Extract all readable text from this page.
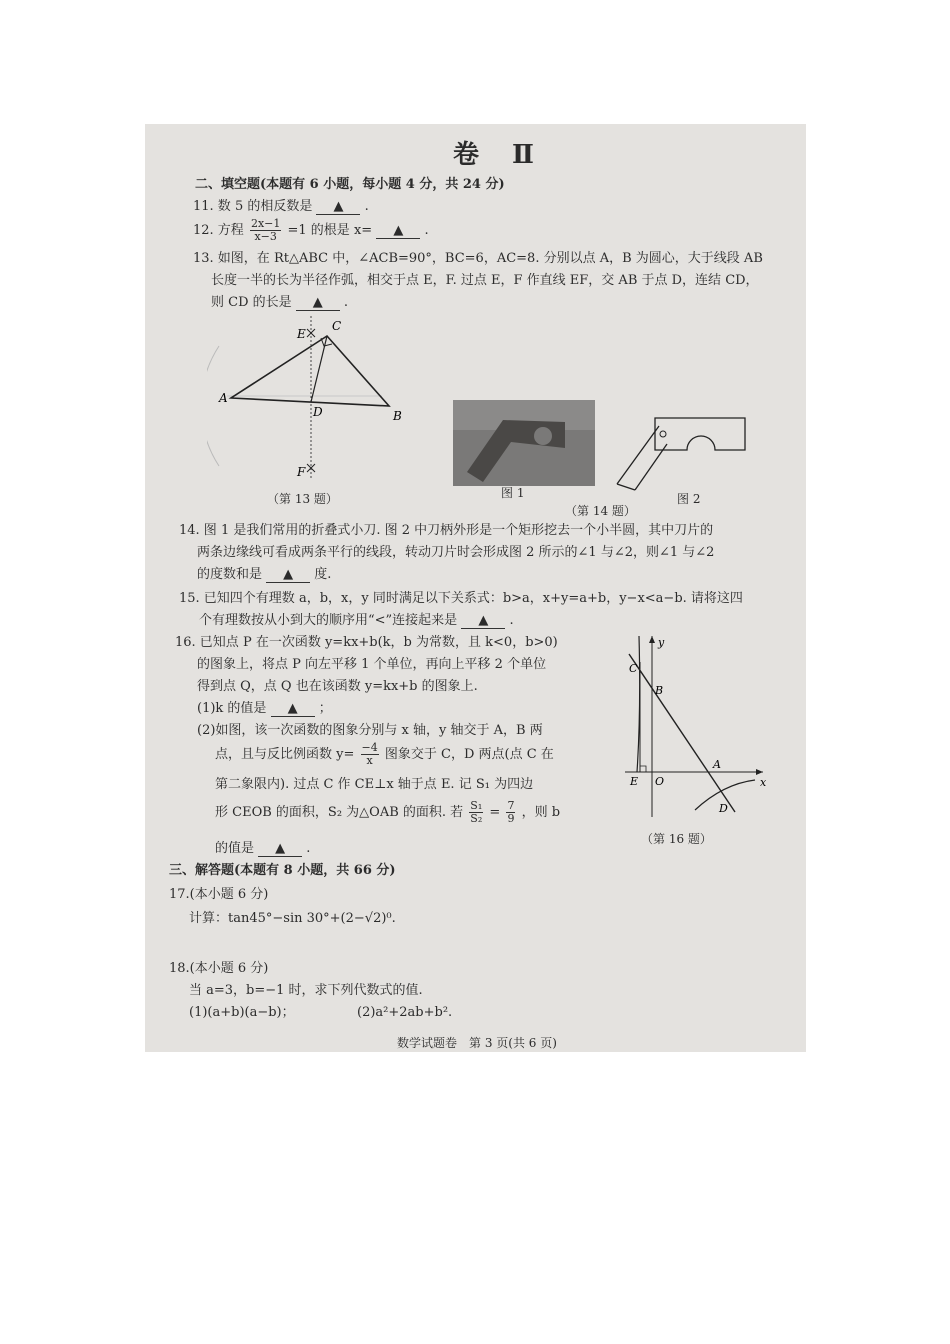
卷 Ⅱ
二、填空题(本题有 6 小题，每小题 4 分，共 24 分)
11. 数 5 的相反数是 ▲ .
12. 方程 $\frac{2x-1}{x-3} =1$ 的根是 x= ▲ .
13. 如图，在 Rt△ABC 中，∠ACB=90°，BC=6，AC=8. 分别以点 A，B 为圆心，大于线段 AB
长度一半的长为半径作弧，相交于点 E，F. 过点 E，F 作直线 EF，交 AB 于点 D，连结 CD，
则 CD 的长是 ▲ .
A
B
C
D
E
F
（第 13 题）	图 1	图 2
（第 14 题）
14. 图 1 是我们常用的折叠式小刀. 图 2 中刀柄外形是一个矩形挖去一个小半圆，其中刀片的
两条边缘线可看成两条平行的线段，转动刀片时会形成图 2 所示的∠1 与∠2，则∠1 与∠2
的度数和是 ▲ 度.
15. 已知四个有理数 a，b，x，y 同时满足以下关系式：b>a，x+y=a+b，y−x<a−b. 请将这四
个有理数按从小到大的顺序用“<”连接起来是 ▲ .
16. 已知点 P 在一次函数 y=kx+b(k，b 为常数，且 k<0，b>0)
的图象上，将点 P 向左平移 1 个单位，再向上平移 2 个单位
得到点 Q，点 Q 也在该函数 y=kx+b 的图象上.
(1)k 的值是 ▲ ；
(2)如图，该一次函数的图象分别与 x 轴，y 轴交于 A，B 两
点，且与反比例函数 $y= \frac{-4}{x}$ 图象交于 C，D 两点(点 C 在
第二象限内). 过点 C 作 CE⊥x 轴于点 E. 记 S₁ 为四边
形 CEOB 的面积，S₂ 为△OAB 的面积. 若 $\frac{\text{S₁}}{\text{S₂}} = \frac{7}{9}$ ，则 b
的值是 ▲ .
C
B
E O
A
D
x
y
（第 16 题）
三、解答题(本题有 8 小题，共 66 分)
17.(本小题 6 分)
计算：tan45°−sin 30°+(2−√2)⁰.
18.(本小题 6 分)
当 a=3，b=−1 时，求下列代数式的值.
(1)(a+b)(a−b)；	(2)a²+2ab+b².
数学试题卷　第 3 页(共 6 页)
